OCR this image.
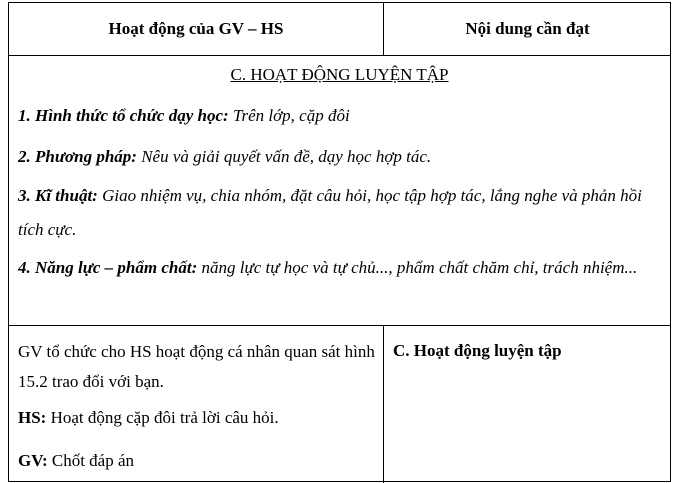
Hoạt động của GV – HS	Nội dung cần đạt
C. HOẠT ĐỘNG LUYỆN TẬP
1. Hình thức tổ chức dạy học: Trên lớp, cặp đôi
2. Phương pháp: Nêu và giải quyết vấn đề, dạy học hợp tác.
3. Kĩ thuật: Giao nhiệm vụ, chia nhóm, đặt câu hỏi, học tập hợp tác, lắng nghe và phản hồi tích cực.
4. Năng lực – phẩm chất: năng lực tự học và tự chủ..., phẩm chất chăm chỉ, trách nhiệm...
GV tổ chức cho HS hoạt động cá nhân quan sát hình 15.2 trao đổi với bạn.
HS: Hoạt động cặp đôi trả lời câu hỏi.
GV: Chốt đáp án
C. Hoạt động luyện tập
